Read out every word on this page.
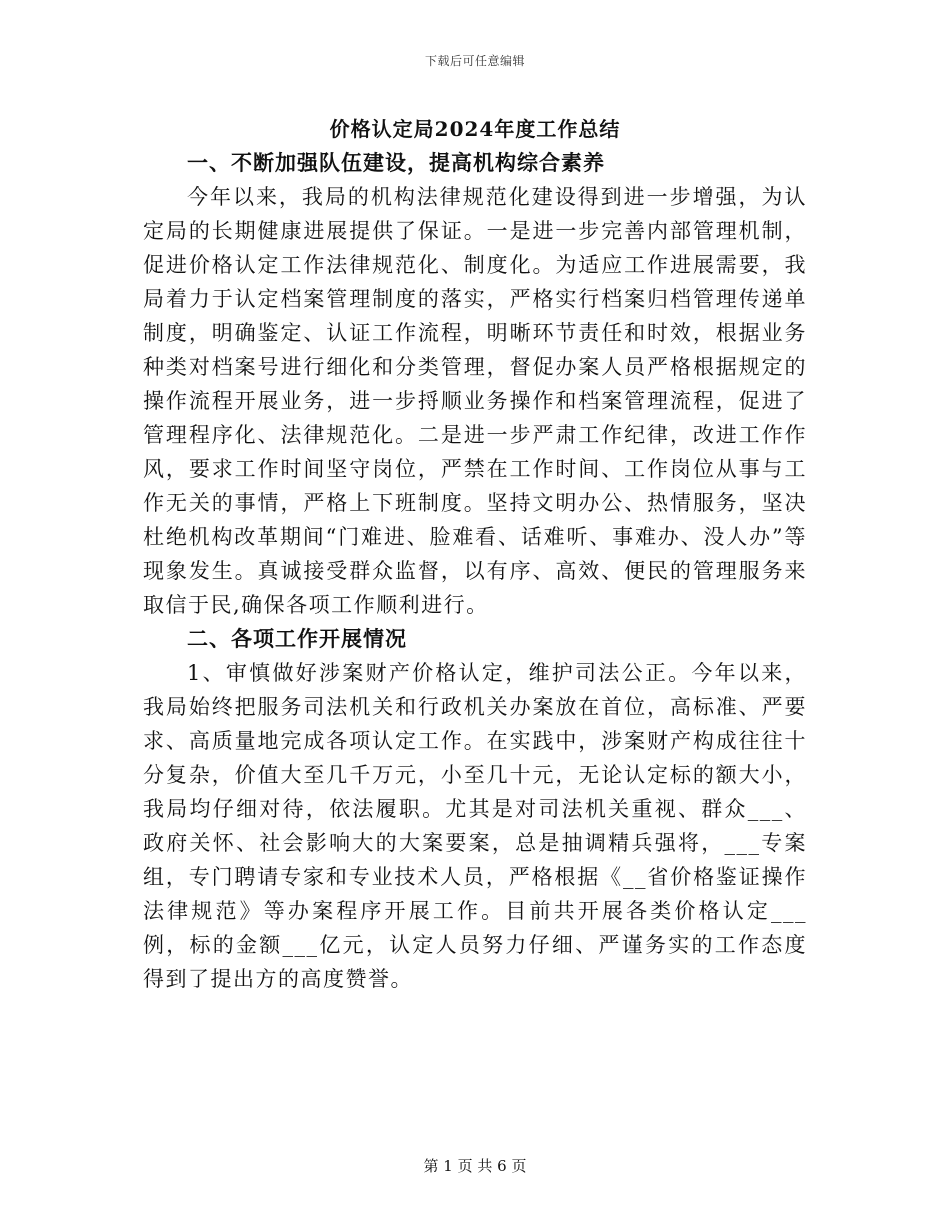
下载后可任意编辑
价格认定局2024年度工作总结
一、不断加强队伍建设，提高机构综合素养

今年以来，我局的机构法律规范化建设得到进一步增强，为认定局的长期健康进展提供了保证。一是进一步完善内部管理机制，促进价格认定工作法律规范化、制度化。为适应工作进展需要，我局着力于认定档案管理制度的落实，严格实行档案归档管理传递单制度，明确鉴定、认证工作流程，明晰环节责任和时效，根据业务种类对档案号进行细化和分类管理，督促办案人员严格根据规定的操作流程开展业务，进一步捋顺业务操作和档案管理流程，促进了管理程序化、法律规范化。二是进一步严肃工作纪律，改进工作作风，要求工作时间坚守岗位，严禁在工作时间、工作岗位从事与工作无关的事情，严格上下班制度。坚持文明办公、热情服务，坚决杜绝机构改革期间“门难进、脸难看、话难听、事难办、没人办”等现象发生。真诚接受群众监督，以有序、高效、便民的管理服务来取信于民,确保各项工作顺利进行。

二、各项工作开展情况

1、审慎做好涉案财产价格认定，维护司法公正。今年以来，我局始终把服务司法机关和行政机关办案放在首位，高标准、严要求、高质量地完成各项认定工作。在实践中，涉案财产构成往往十分复杂，价值大至几千万元，小至几十元，无论认定标的额大小，我局均仔细对待，依法履职。尤其是对司法机关重视、群众___、政府关怀、社会影响大的大案要案，总是抽调精兵强将，___专案组，专门聘请专家和专业技术人员，严格根据《__省价格鉴证操作法律规范》等办案程序开展工作。目前共开展各类价格认定___例，标的金额___亿元，认定人员努力仔细、严谨务实的工作态度得到了提出方的高度赞誉。

第 1 页 共 6 页
